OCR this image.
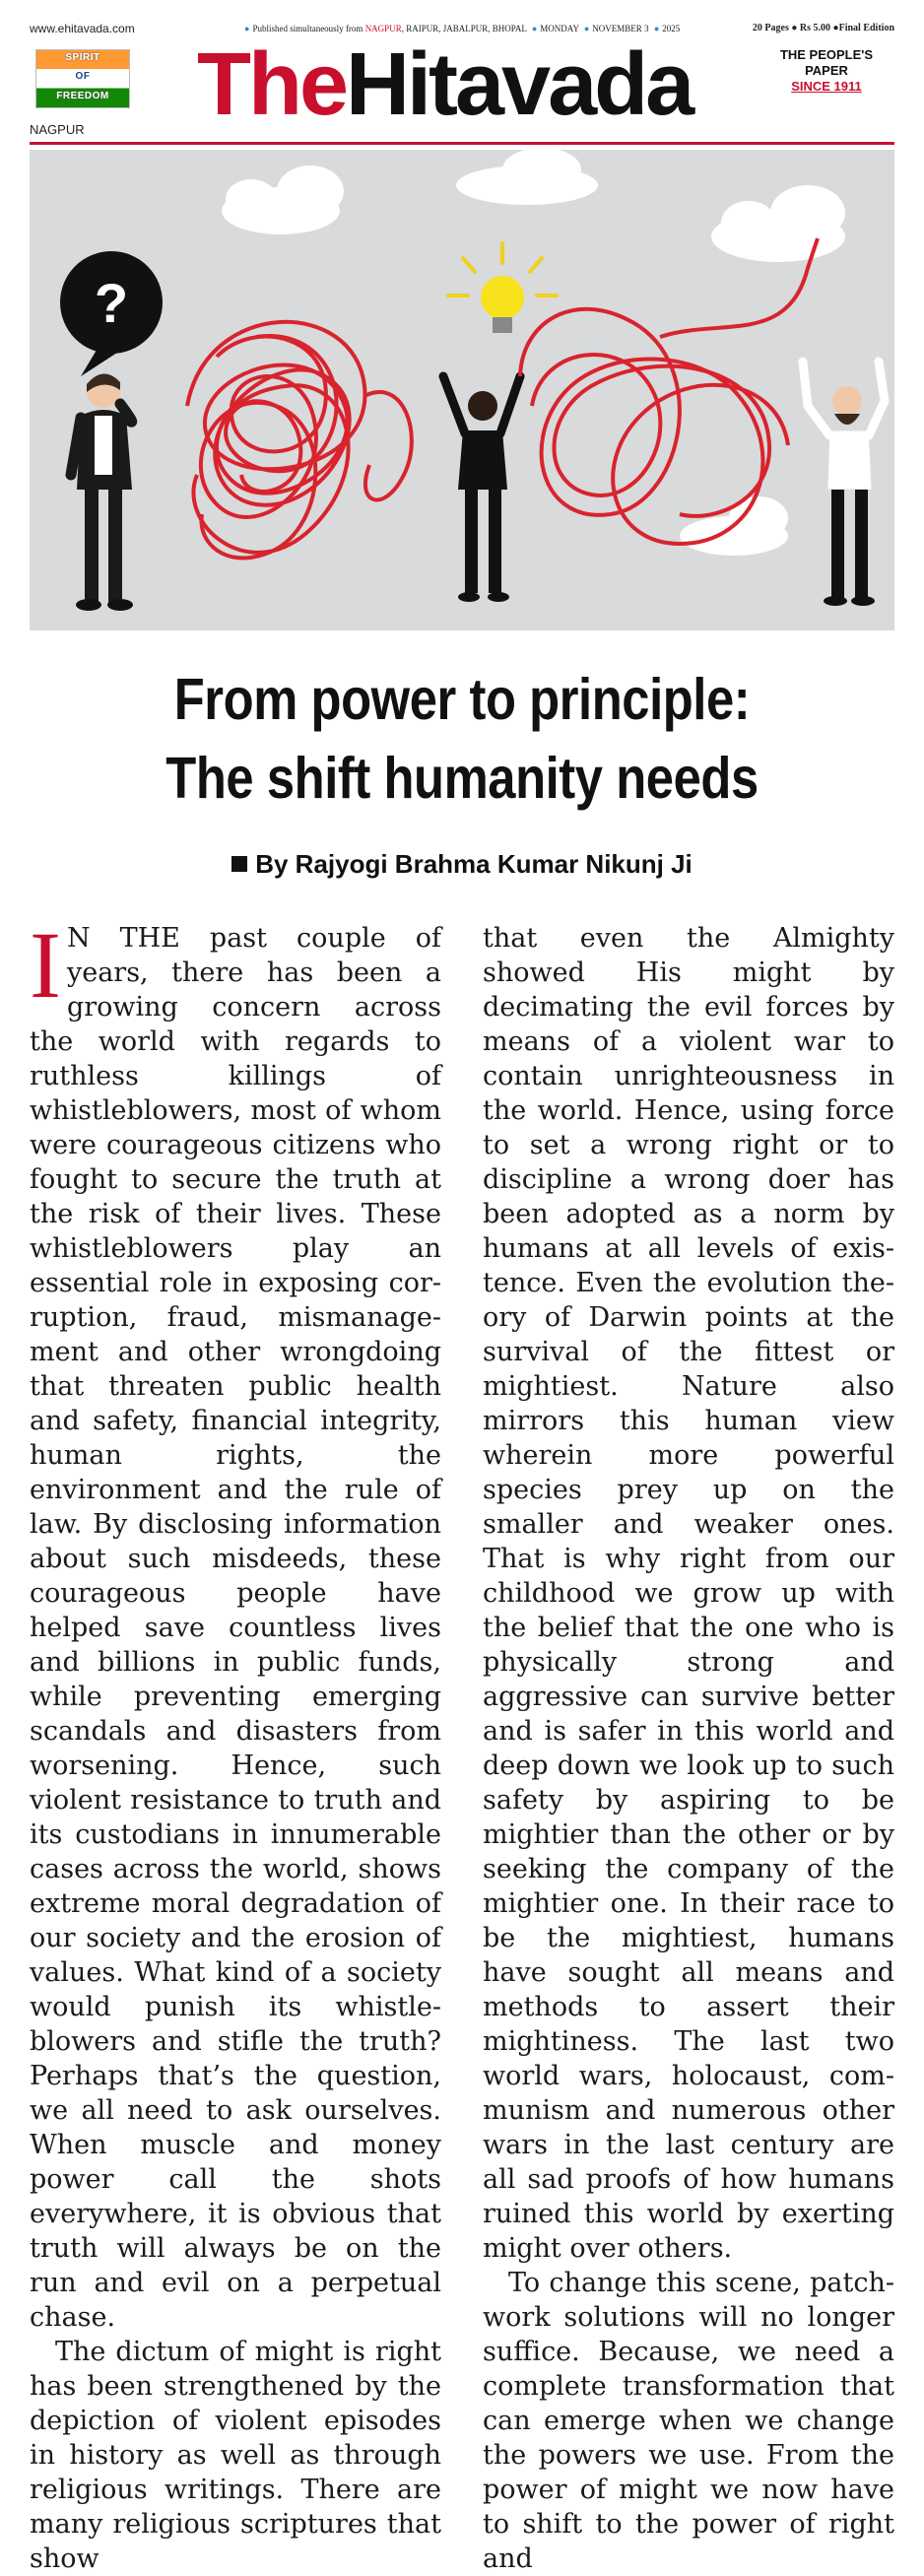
www.ehitavada.com	● Published simultaneously from NAGPUR, RAIPUR, JABALPUR, BHOPAL ● MONDAY ● NOVEMBER 3 ● 2025	20 Pages ● Rs 5.00 ●Final Edition
SPIRIT
OF
FREEDOM TheHitavada	THE PEOPLE'S
PAPER
SINCE 1911
NAGPUR
?
From power to principle:
The shift humanity needs
By Rajyogi Brahma Kumar Nikunj Ji

I N THE past couple of years, there has been a growing concern across the world with regards to ruthless killings of whistleblowers, most of whom were courageous citizens who fought to secure the truth at the risk of their lives. These whistleblowers play an essential role in exposing corruption, fraud, mismanagement and other wrongdoing that threaten public health and safety, financial integrity, human rights, the environment and the rule of law. By disclosing information about such misdeeds, these courageous people have helped save countless lives and billions in public funds, while preventing emerging scandals and disasters from worsening. Hence, such violent resistance to truth and its custodians in innumerable cases across the world, shows extreme moral degradation of our society and the erosion of values. What kind of a society would punish its whistle-blowers and stifle the truth? Perhaps that’s the question, we all need to ask ourselves. When muscle and money power call the shots everywhere, it is obvious that truth will always be on the run and evil on a perpetual chase.

The dictum of might is right has been strengthened by the depiction of violent episodes in history as well as through religious writings. There are many religious scriptures that show

that even the Almighty showed His might by decimating the evil forces by means of a violent war to contain unrighteousness in the world. Hence, using force to set a wrong right or to discipline a wrong doer has been adopted as a norm by humans at all levels of existence. Even the evolution theory of Darwin points at the survival of the fittest or mightiest. Nature also mirrors this human view wherein more powerful species prey up on the smaller and weaker ones. That is why right from our childhood we grow up with the belief that the one who is physically strong and aggressive can survive better and is safer in this world and deep down we look up to such safety by aspiring to be mightier than the other or by seeking the company of the mightier one. In their race to be the mightiest, humans have sought all means and methods to assert their mightiness. The last two world wars, holocaust, communism and numerous other wars in the last century are all sad proofs of how humans ruined this world by exerting might over others.

To change this scene, patchwork solutions will no longer suffice. Because, we need a complete transformation that can emerge when we change the powers we use. From the power of might we now have to shift to the power of right and
